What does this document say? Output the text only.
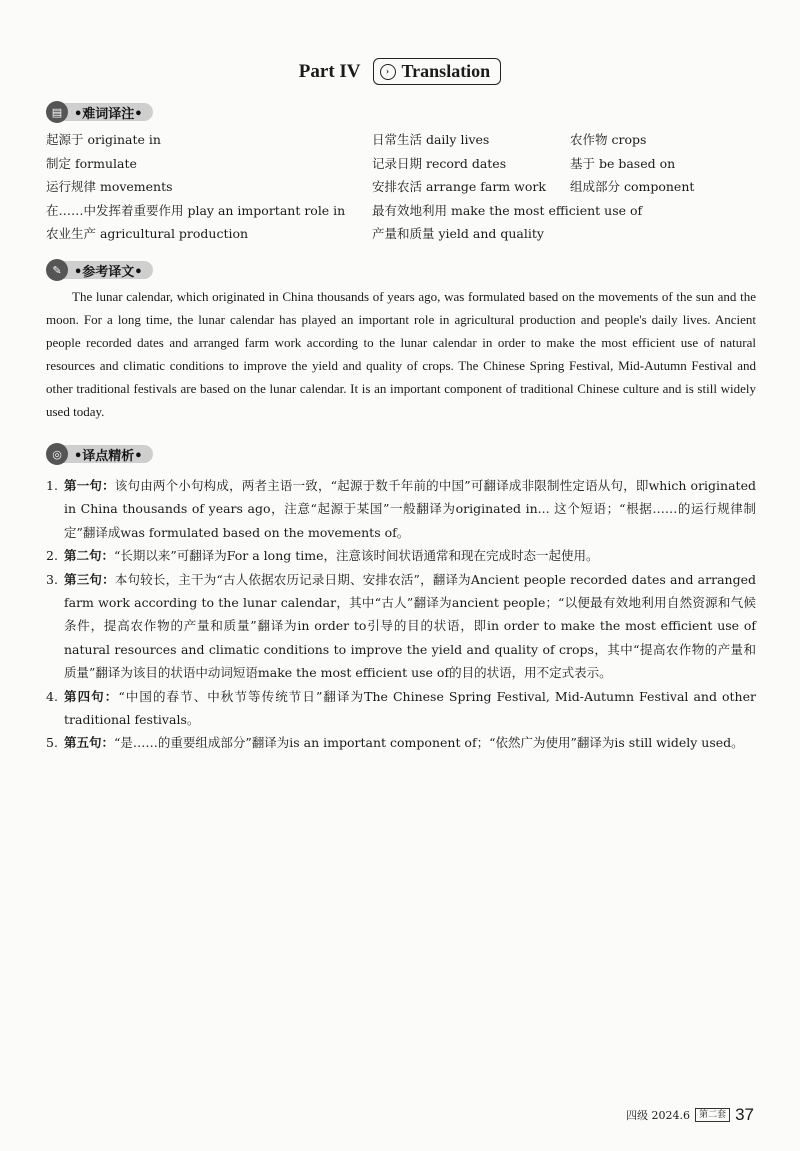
Part IV	› Translation
▤ •难词译注•
起源于 originate in
制定 formulate
运行规律 movements
在……中发挥着重要作用 play an important role in
农业生产 agricultural production
日常生活 daily lives
记录日期 record dates
安排农活 arrange farm work
最有效地利用 make the most efficient use of
产量和质量 yield and quality
农作物 crops
基于 be based on
组成部分 component
✎ •参考译文•
The lunar calendar, which originated in China thousands of years ago, was formulated based on the movements of the sun and the moon. For a long time, the lunar calendar has played an important role in agricultural production and people's daily lives. Ancient people recorded dates and arranged farm work according to the lunar calendar in order to make the most efficient use of natural resources and climatic conditions to improve the yield and quality of crops. The Chinese Spring Festival, Mid-Autumn Festival and other traditional festivals are based on the lunar calendar. It is an important component of traditional Chinese culture and is still widely used today.
◎ •译点精析•
1. 第一句：该句由两个小句构成，两者主语一致，“起源于数千年前的中国”可翻译成非限制性定语从句，即which originated in China thousands of years ago，注意“起源于某国”一般翻译为originated in... 这个短语；“根据……的运行规律制定”翻译成was formulated based on the movements of。
2. 第二句：“长期以来”可翻译为For a long time，注意该时间状语通常和现在完成时态一起使用。
3. 第三句：本句较长，主干为“古人依据农历记录日期、安排农活”，翻译为Ancient people recorded dates and arranged farm work according to the lunar calendar，其中“古人”翻译为ancient people；“以便最有效地利用自然资源和气候条件，提高农作物的产量和质量”翻译为in order to引导的目的状语，即in order to make the most efficient use of natural resources and climatic conditions to improve the yield and quality of crops，其中“提高农作物的产量和质量”翻译为该目的状语中动词短语make the most efficient use of的目的状语，用不定式表示。
4. 第四句：“中国的春节、中秋节等传统节日”翻译为The Chinese Spring Festival, Mid-Autumn Festival and other traditional festivals。
5. 第五句：“是……的重要组成部分”翻译为is an important component of；“依然广为使用”翻译为is still widely used。
四级 2024.6	第二套 37
